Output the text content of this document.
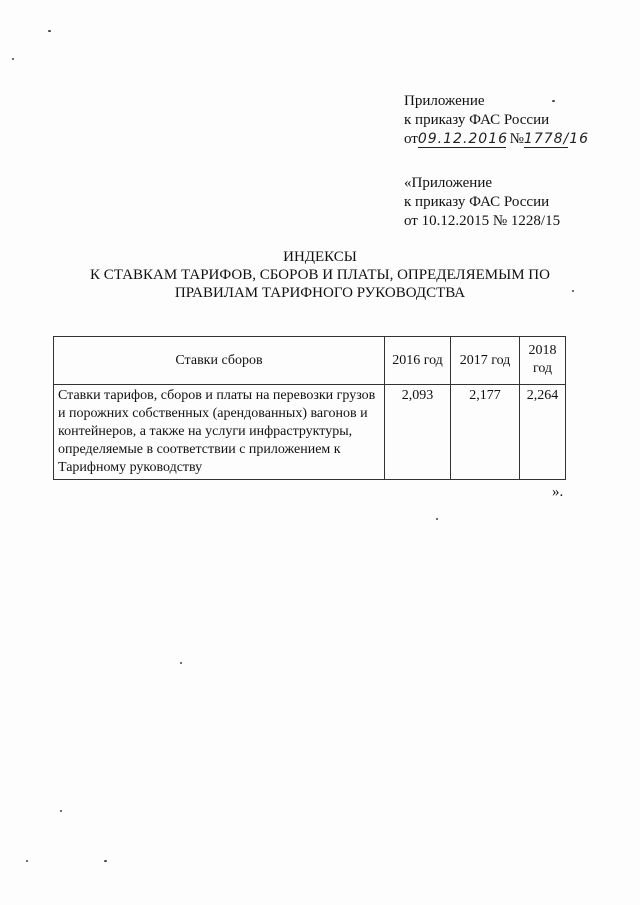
Приложение
к приказу ФАС России
от09.12.2016 №1778/16
«Приложение
к приказу ФАС России
от 10.12.2015 № 1228/15
ИНДЕКСЫ
К СТАВКАМ ТАРИФОВ, СБОРОВ И ПЛАТЫ, ОПРЕДЕЛЯЕМЫМ ПО
ПРАВИЛАМ ТАРИФНОГО РУКОВОДСТВА
Ставки сборов	2016 год	2017 год	2018 год
Ставки тарифов, сборов и платы на перевозки грузов и порожних собственных (арендованных) вагонов и контейнеров, а также на услуги инфраструктуры, определяемые в соответствии с приложением к Тарифному руководству	2,093	2,177	2,264
».
